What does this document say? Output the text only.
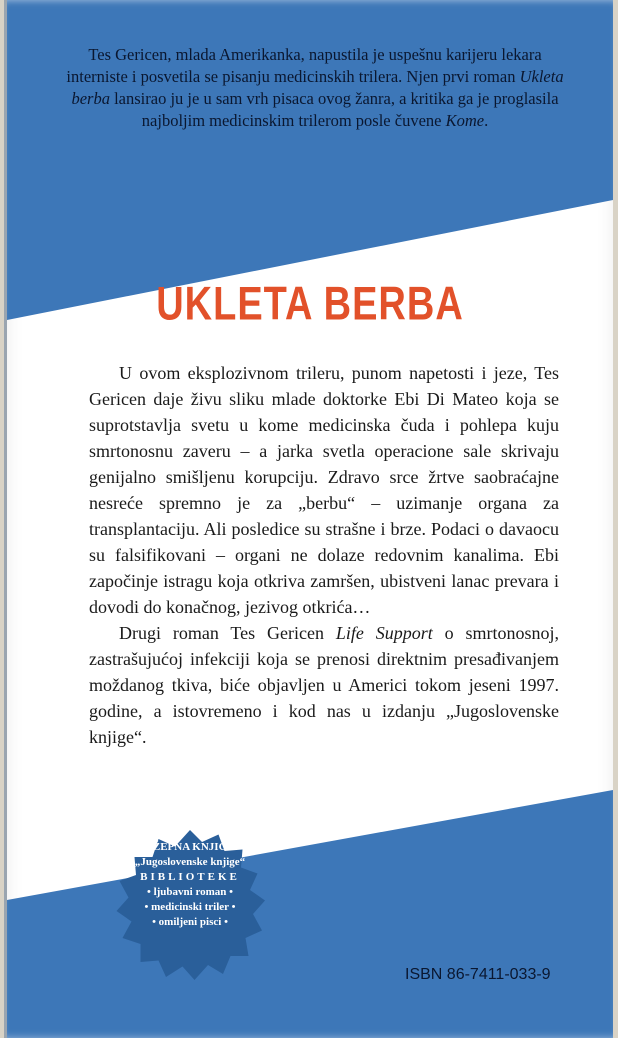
Tes Gericen, mlada Amerikanka, napustila je uspešnu karijeru lekara interniste i posvetila se pisanju medicinskih trilera. Njen prvi roman Ukleta berba lansirao ju je u sam vrh pisaca ovog žanra, a kritika ga je proglasila najboljim medicinskim trilerom posle čuvene Kome.
UKLETA BERBA

U ovom eksplozivnom trileru, punom napetosti i jeze, Tes Gericen daje živu sliku mlade doktorke Ebi Di Mateo koja se suprotstavlja svetu u kome medicinska čuda i pohlepa kuju smrtonosnu zaveru – a jarka svetla operacione sale skrivaju genijalno smišljenu korupciju. Zdravo srce žrtve saobraćajne nesreće spremno je za „berbu“ – uzimanje organa za transplantaciju. Ali posledice su strašne i brze. Podaci o davaocu su falsifikovani – organi ne dolaze redovnim kanalima. Ebi započinje istragu koja otkriva zamršen, ubistveni lanac prevara i dovodi do konačnog, jezivog otkrića…

Drugi roman Tes Gericen Life Support o smrtonosnoj, zastrašujućoj infekciji koja se prenosi direktnim presađivanjem moždanog tkiva, biće objavljen u Americi tokom jeseni 1997. godine, a istovremeno i kod nas u izdanju „Jugoslovenske knjige“.

DŽEPNA KNJIGA
„Jugoslovenske knjige“
BIBLIOTEKE
• ljubavni roman •
• medicinski triler •
• omiljeni pisci •
ISBN 86-7411-033-9
